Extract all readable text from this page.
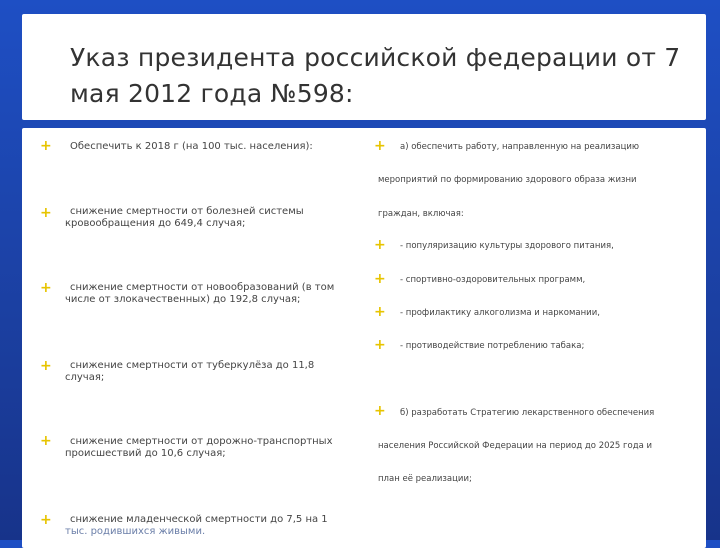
Указ президента российской федерации от 7
мая 2012 года №598:
+ Обеспечить к 2018 г (на 100 тыс. населения):
+ снижение смертности от болезней системы
кровообращения до 649,4 случая;
+ снижение смертности от новообразований (в том
числе от злокачественных) до 192,8 случая;
+ снижение смертности от туберкулёза до 11,8
случая;
+ снижение смертности от дорожно-транспортных
происшествий до 10,6 случая;
+ снижение младенческой смертности до 7,5 на 1
тыс. родившихся живыми.
+ а) обеспечить работу, направленную на реализацию
мероприятий по формированию здорового образа жизни
граждан, включая:
+ - популяризацию культуры здорового питания,
+ - спортивно-оздоровительных программ,
+ - профилактику алкоголизма и наркомании,
+ - противодействие потреблению табака;
+ б) разработать Стратегию лекарственного обеспечения
населения Российской Федерации на период до 2025 года и
план её реализации;
